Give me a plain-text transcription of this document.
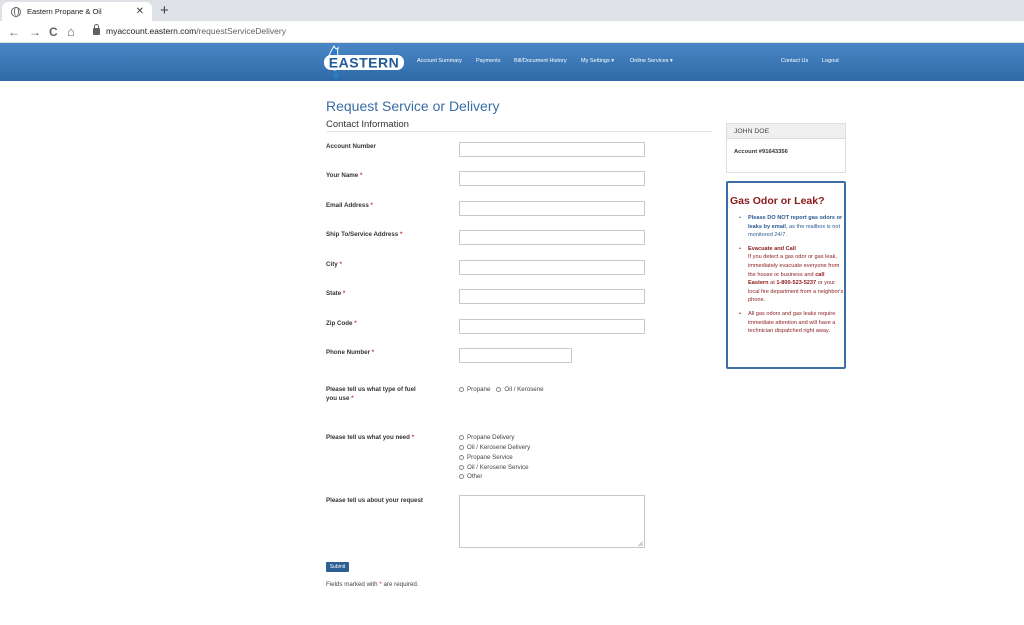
Eastern Propane & Oil	✕ +
← → C ⌂	myaccount.eastern.com/requestServiceDelivery
EASTERN	Account Summary	Payments Bill/Document History	My Settings ▾	Online Services ▾	Contact Us	Logout
Request Service or Delivery
Contact Information
Account Number
Your Name *
Email Address *
Ship To/Service Address *
City *
State *
Zip Code *
Phone Number *
Please tell us what type of fuel
you use *
Propane Oil / Kerosene
Please tell us what you need *	Propane Delivery
Oil / Kerosene Delivery
Propane Service
Oil / Kerosene Service
Other
Please tell us about your request
Submit
Fields marked with * are required.
JOHN DOE
Account #91643356
Gas Odor or Leak?
• Please DO NOT report gas odors or leaks by email, as the mailbox is not monitored 24/7.
• Evacuate and Call
If you detect a gas odor or gas leak, immediately evacuate everyone from the house or business and call Eastern at 1-800-523-5237 or your local fire department from a neighbor's phone.
• All gas odors and gas leaks require immediate attention and will have a technician dispatched right away.
